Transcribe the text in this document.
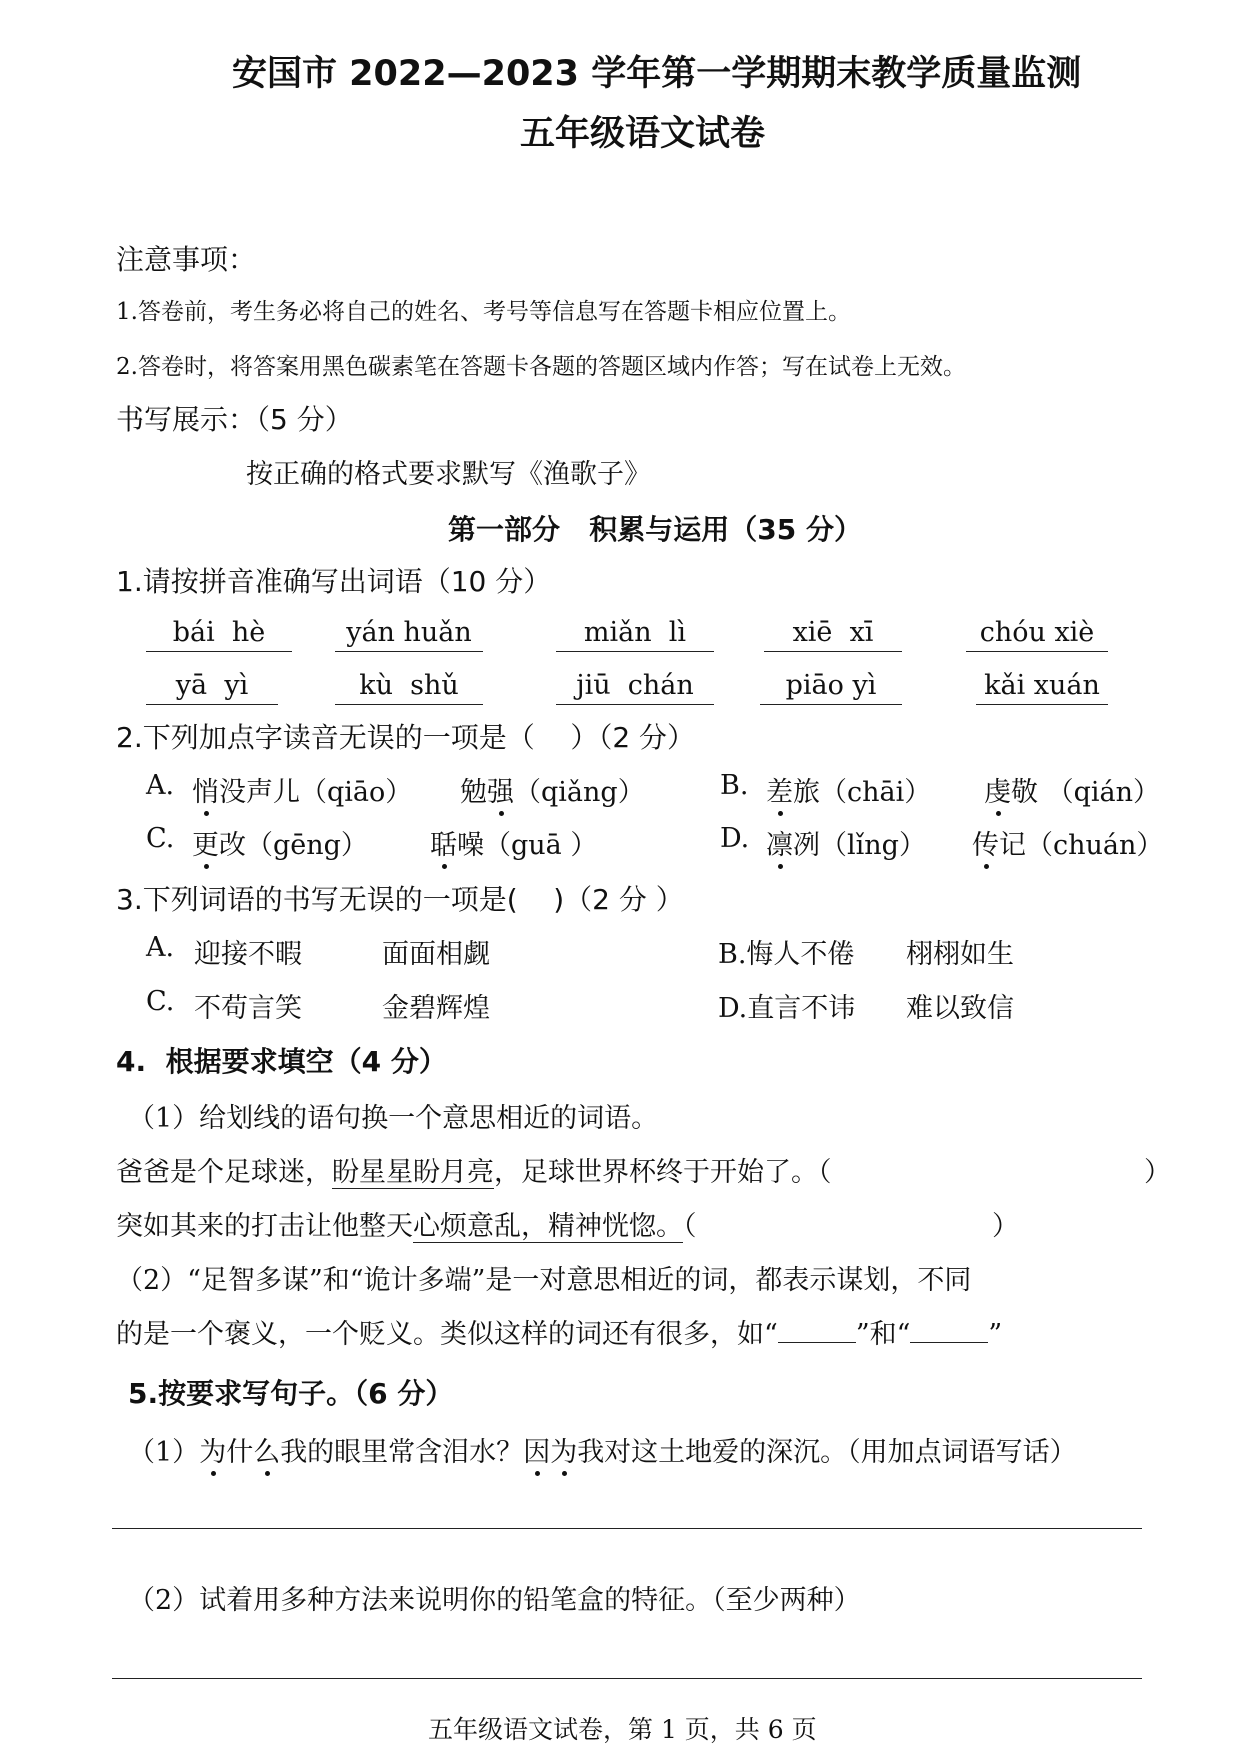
安国市 2022—2023 学年第一学期期末教学质量监测
五年级语文试卷
注意事项：
1.答卷前，考生务必将自己的姓名、考号等信息写在答题卡相应位置上。
2.答卷时，将答案用黑色碳素笔在答题卡各题的答题区域内作答；写在试卷上无效。
书写展示：（5 分）
按正确的格式要求默写《渔歌子》
第一部分   积累与运用（35 分）
1.请按拼音准确写出词语（10 分）
bái  hè	yán huǎn	miǎn  lì	xiē  xī	chóu xiè
yā  yì	kù  shǔ	jiū  chán	piāo yì	kǎi xuán
2.下列加点字读音无误的一项是（    ）（2 分）
A. 悄没声儿（qiāo） 勉强（qiǎng）	B. 差旅（chāi） 虔敬 （qián）
C. 更改（gēng） 聒噪（guā ）	D. 凛冽（lǐng） 传记（chuán）
3.下列词语的书写无误的一项是(    )（2 分 ）
A. 迎接不暇	面面相觑	B.悔人不倦 栩栩如生
C. 不苟言笑	金碧辉煌	D.直言不讳 难以致信
4.  根据要求填空（4 分）
（1）给划线的语句换一个意思相近的词语。
爸爸是个足球迷，盼星星盼月亮，足球世界杯终于开始了。（	）
突如其来的打击让他整天心烦意乱，精神恍惚。（	）
（2）“足智多谋”和“诡计多端”是一对意思相近的词，都表示谋划，不同
的是一个褒义，一个贬义。类似这样的词还有很多，如“	”和“	”
5.按要求写句子。（6 分）
（1）为什么我的眼里常含泪水？因为我对这土地爱的深沉。（用加点词语写话）
（2）试着用多种方法来说明你的铅笔盒的特征。（至少两种）
五年级语文试卷，第 1 页，共 6 页
